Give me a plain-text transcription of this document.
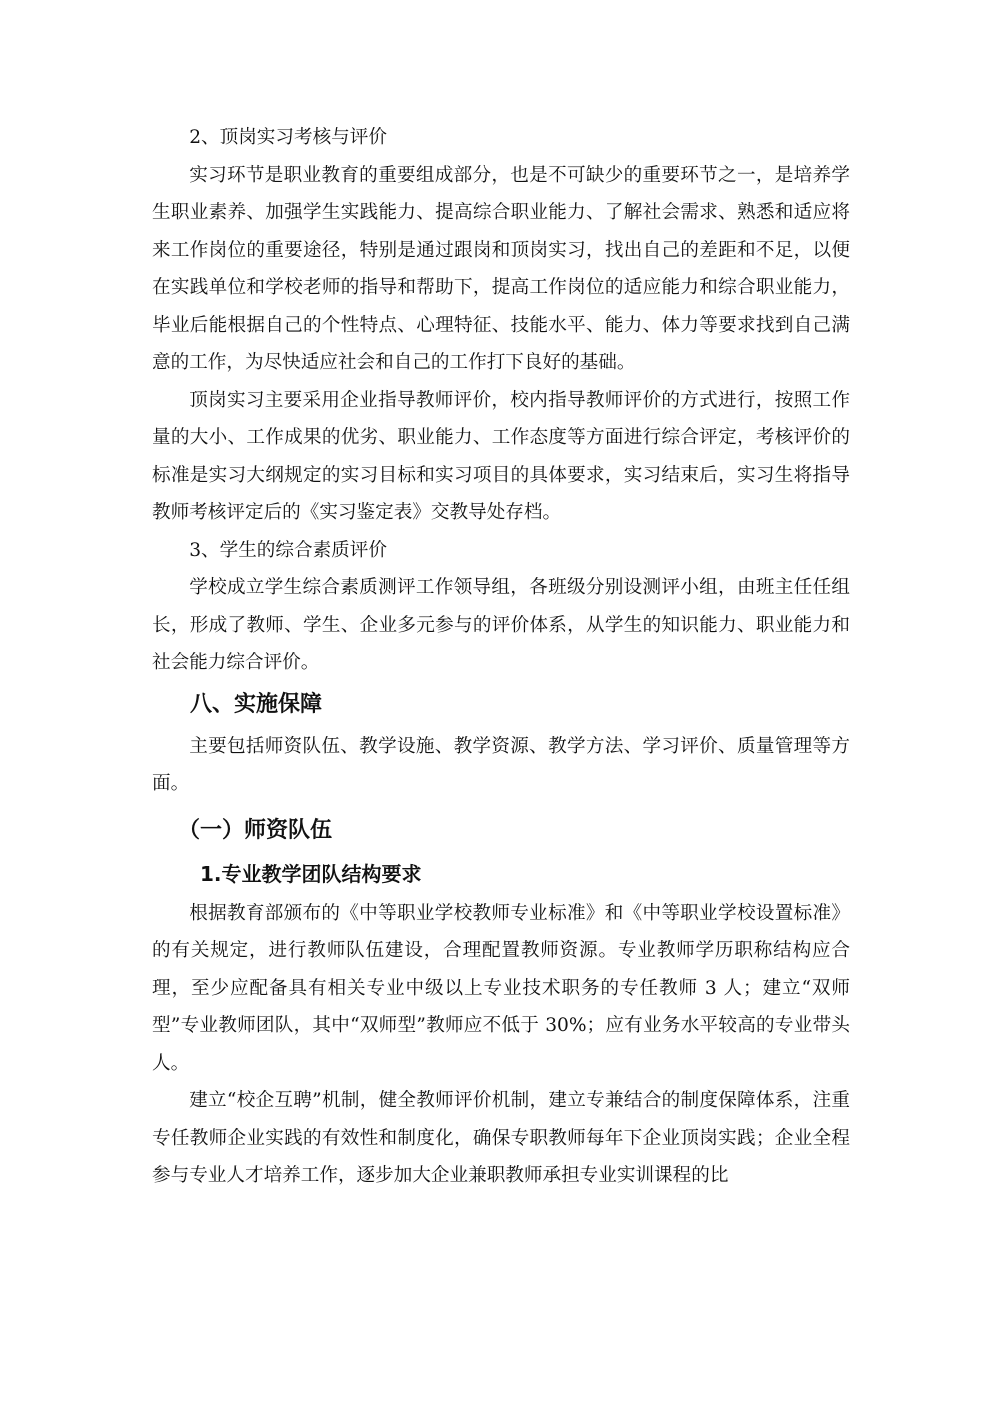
2、顶岗实习考核与评价

实习环节是职业教育的重要组成部分，也是不可缺少的重要环节之一，是培养学生职业素养、加强学生实践能力、提高综合职业能力、了解社会需求、熟悉和适应将来工作岗位的重要途径，特别是通过跟岗和顶岗实习，找出自己的差距和不足，以便在实践单位和学校老师的指导和帮助下，提高工作岗位的适应能力和综合职业能力，毕业后能根据自己的个性特点、心理特征、技能水平、能力、体力等要求找到自己满意的工作，为尽快适应社会和自己的工作打下良好的基础。

顶岗实习主要采用企业指导教师评价，校内指导教师评价的方式进行，按照工作量的大小、工作成果的优劣、职业能力、工作态度等方面进行综合评定，考核评价的标准是实习大纲规定的实习目标和实习项目的具体要求，实习结束后，实习生将指导教师考核评定后的《实习鉴定表》交教导处存档。

3、学生的综合素质评价

学校成立学生综合素质测评工作领导组，各班级分别设测评小组，由班主任任组长，形成了教师、学生、企业多元参与的评价体系，从学生的知识能力、职业能力和社会能力综合评价。

八、实施保障

主要包括师资队伍、教学设施、教学资源、教学方法、学习评价、质量管理等方面。

（一）师资队伍
1.专业教学团队结构要求

根据教育部颁布的《中等职业学校教师专业标准》和《中等职业学校设置标准》的有关规定，进行教师队伍建设，合理配置教师资源。专业教师学历职称结构应合理，至少应配备具有相关专业中级以上专业技术职务的专任教师 3 人；建立“双师型”专业教师团队，其中“双师型”教师应不低于 30%；应有业务水平较高的专业带头人。

建立“校企互聘”机制，健全教师评价机制，建立专兼结合的制度保障体系，注重专任教师企业实践的有效性和制度化，确保专职教师每年下企业顶岗实践；企业全程参与专业人才培养工作，逐步加大企业兼职教师承担专业实训课程的比
